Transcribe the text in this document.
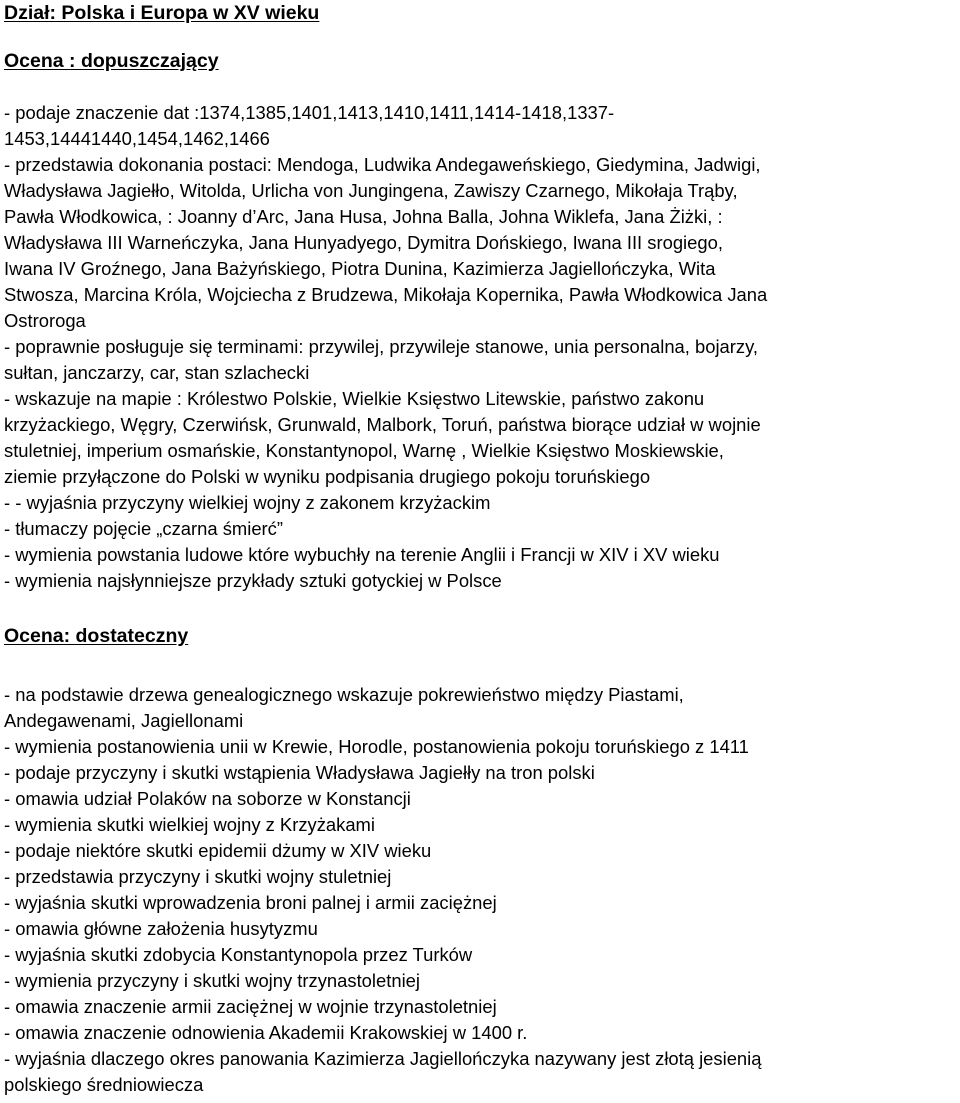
Dział: Polska i Europa w XV wieku
Ocena : dopuszczający
- podaje znaczenie dat :1374,1385,1401,1413,1410,1411,1414-1418,1337-
1453,14441440,1454,1462,1466
- przedstawia dokonania postaci: Mendoga, Ludwika Andegaweńskiego, Giedymina, Jadwigi,
Władysława Jagiełło, Witolda, Urlicha von Jungingena, Zawiszy Czarnego, Mikołaja Trąby,
Pawła Włodkowica, : Joanny d’Arc, Jana Husa, Johna Balla, Johna Wiklefa, Jana Żiżki, :
Władysława III Warneńczyka, Jana Hunyadyego, Dymitra Dońskiego, Iwana III srogiego,
Iwana IV Groźnego, Jana Bażyńskiego, Piotra Dunina, Kazimierza Jagiellończyka, Wita
Stwosza, Marcina Króla, Wojciecha z Brudzewa, Mikołaja Kopernika, Pawła Włodkowica Jana
Ostroroga
- poprawnie posługuje się terminami: przywilej, przywileje stanowe, unia personalna, bojarzy,
sułtan, janczarzy, car, stan szlachecki
- wskazuje na mapie : Królestwo Polskie, Wielkie Księstwo Litewskie, państwo zakonu
krzyżackiego, Węgry, Czerwińsk, Grunwald, Malbork, Toruń, państwa biorące udział w wojnie
stuletniej, imperium osmańskie, Konstantynopol, Warnę , Wielkie Księstwo Moskiewskie,
ziemie przyłączone do Polski w wyniku podpisania drugiego pokoju toruńskiego
- - wyjaśnia przyczyny wielkiej wojny z zakonem krzyżackim
- tłumaczy pojęcie „czarna śmierć”
- wymienia powstania ludowe które wybuchły na terenie Anglii i Francji w XIV i XV wieku
- wymienia najsłynniejsze przykłady sztuki gotyckiej w Polsce
Ocena: dostateczny
- na podstawie drzewa genealogicznego wskazuje pokrewieństwo między Piastami,
Andegawenami, Jagiellonami
- wymienia postanowienia unii w Krewie, Horodle, postanowienia pokoju toruńskiego z 1411
- podaje przyczyny i skutki wstąpienia Władysława Jagiełły na tron polski
- omawia udział Polaków na soborze w Konstancji
- wymienia skutki wielkiej wojny z Krzyżakami
- podaje niektóre skutki epidemii dżumy w XIV wieku
- przedstawia przyczyny i skutki wojny stuletniej
- wyjaśnia skutki wprowadzenia broni palnej i armii zaciężnej
- omawia główne założenia husytyzmu
- wyjaśnia skutki zdobycia Konstantynopola przez Turków
- wymienia przyczyny i skutki wojny trzynastoletniej
- omawia znaczenie armii zaciężnej w wojnie trzynastoletniej
- omawia znaczenie odnowienia Akademii Krakowskiej w 1400 r.
- wyjaśnia dlaczego okres panowania Kazimierza Jagiellończyka nazywany jest złotą jesienią
polskiego średniowiecza
